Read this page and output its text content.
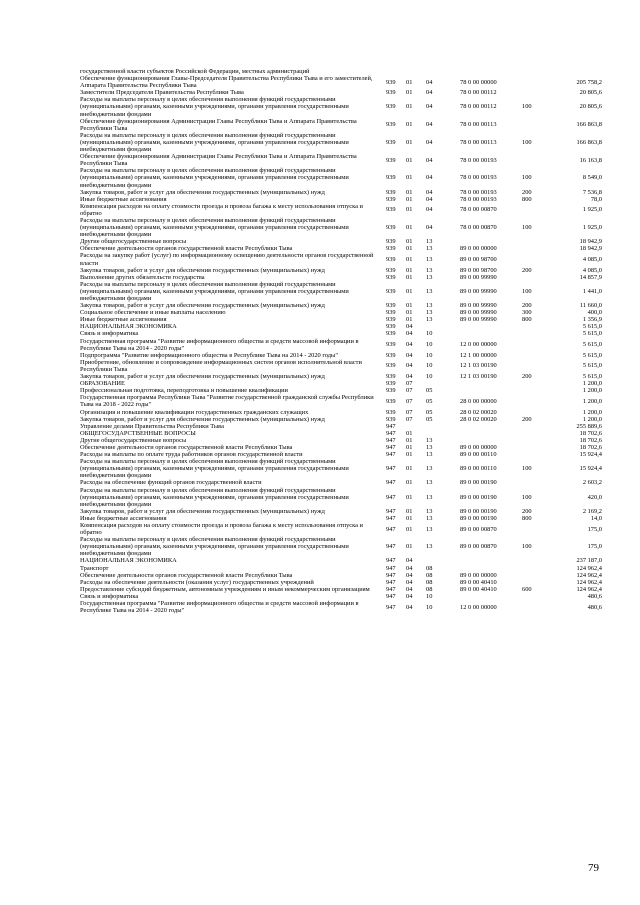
государственной власти субъектов Российской Федерации, местных администраций						
Обеспечение функционирования Главы-Председателя Правительства Республики Тыва и его заместителей, Аппарата Правительства Республики Тыва	939	01	04	78 0 00 00000		205 758,2
Заместители Председателя Правительства Республики Тыва	939	01	04	78 0 00 00112		20 805,6
Расходы на выплаты персоналу в целях обеспечения выполнения функций государственными (муниципальными) органами, казенными учреждениями, органами управления государственными внебюджетными фондами	939	01	04	78 0 00 00112	100	20 805,6
Обеспечение функционирования Администрации Главы Республики Тыва и Аппарата Правительства Республики Тыва	939	01	04	78 0 00 00113		166 863,8
Расходы на выплаты персоналу в целях обеспечения выполнения функций государственными (муниципальными) органами, казенными учреждениями, органами управления государственными внебюджетными фондами	939	01	04	78 0 00 00113	100	166 863,8
Обеспечение функционирования Администрации Главы Республики Тыва и Аппарата Правительства Республики Тыва	939	01	04	78 0 00 00193		16 163,8
Расходы на выплаты персоналу в целях обеспечения выполнения функций государственными (муниципальными) органами, казенными учреждениями, органами управления государственными внебюджетными фондами	939	01	04	78 0 00 00193	100	8 549,0
Закупка товаров, работ и услуг для обеспечения государственных (муниципальных) нужд	939	01	04	78 0 00 00193	200	7 536,8
Иные бюджетные ассигнования	939	01	04	78 0 00 00193	800	78,0
Компенсация расходов на оплату стоимости проезда и провоза багажа к месту использования отпуска и обратно	939	01	04	78 0 00 00870		1 925,0
Расходы на выплаты персоналу в целях обеспечения выполнения функций государственными (муниципальными) органами, казенными учреждениями, органами управления государственными внебюджетными фондами	939	01	04	78 0 00 00870	100	1 925,0
Другие общегосударственные вопросы	939	01	13			18 942,9
Обеспечение деятельности органов государственной власти Республики Тыва	939	01	13	89 0 00 00000		18 942,9
Расходы на закупку работ (услуг) по информационному освещению деятельности органов государственной власти	939	01	13	89 0 00 98700		4 085,0
Закупка товаров, работ и услуг для обеспечения государственных (муниципальных) нужд	939	01	13	89 0 00 98700	200	4 085,0
Выполнение других обязательств государства	939	01	13	89 0 00 99990		14 857,9
Расходы на выплаты персоналу в целях обеспечения выполнения функций государственными (муниципальными) органами, казенными учреждениями, органами управления государственными внебюджетными фондами	939	01	13	89 0 00 99990	100	1 441,0
Закупка товаров, работ и услуг для обеспечения государственных (муниципальных) нужд	939	01	13	89 0 00 99990	200	11 660,0
Социальное обеспечение и иные выплаты населению	939	01	13	89 0 00 99990	300	400,0
Иные бюджетные ассигнования	939	01	13	89 0 00 99990	800	1 356,9
НАЦИОНАЛЬНАЯ ЭКОНОМИКА	939	04				5 615,0
Связь и информатика	939	04	10			5 615,0
Государственная программа "Развитие информационного общества и средств массовой информации в Республике Тыва на 2014 - 2020 годы"	939	04	10	12 0 00 00000		5 615,0
Подпрограмма "Развитие информационного общества в Республике Тыва на 2014 - 2020 годы"	939	04	10	12 1 00 00000		5 615,0
Приобретение, обновление и сопровождение информационных систем органов исполнительной власти Республики Тыва	939	04	10	12 1 03 00190		5 615,0
Закупка товаров, работ и услуг для обеспечения государственных (муниципальных) нужд	939	04	10	12 1 03 00190	200	5 615,0
ОБРАЗОВАНИЕ	939	07				1 200,0
Профессиональная подготовка, переподготовка и повышение квалификации	939	07	05			1 200,0
Государственная программа Республики Тыва "Развитие государственной гражданской службы Республики Тыва на 2018 - 2022 годы"	939	07	05	28 0 00 00000		1 200,0
Организация и повышение квалификации государственных гражданских служащих	939	07	05	28 0 02 00020		1 200,0
Закупка товаров, работ и услуг для обеспечения государственных (муниципальных) нужд	939	07	05	28 0 02 00020	200	1 200,0
Управление делами Правительства Республики Тыва	947					255 889,6
ОБЩЕГОСУДАРСТВЕННЫЕ ВОПРОСЫ	947	01				18 702,6
Другие общегосударственные вопросы	947	01	13			18 702,6
Обеспечение деятельности органов государственной власти Республики Тыва	947	01	13	89 0 00 00000		18 702,6
Расходы на выплаты по оплате труда работников органов государственной власти	947	01	13	89 0 00 00110		15 924,4
Расходы на выплаты персоналу в целях обеспечения выполнения функций государственными (муниципальными) органами, казенными учреждениями, органами управления государственными внебюджетными фондами	947	01	13	89 0 00 00110	100	15 924,4
Расходы на обеспечение функций органов государственной власти	947	01	13	89 0 00 00190		2 603,2
Расходы на выплаты персоналу в целях обеспечения выполнения функций государственными (муниципальными) органами, казенными учреждениями, органами управления государственными внебюджетными фондами	947	01	13	89 0 00 00190	100	420,0
Закупка товаров, работ и услуг для обеспечения государственных (муниципальных) нужд	947	01	13	89 0 00 00190	200	2 169,2
Иные бюджетные ассигнования	947	01	13	89 0 00 00190	800	14,0
Компенсация расходов на оплату стоимости проезда и провоза багажа к месту использования отпуска и обратно	947	01	13	89 0 00 00870		175,0
Расходы на выплаты персоналу в целях обеспечения выполнения функций государственными (муниципальными) органами, казенными учреждениями, органами управления государственными внебюджетными фондами	947	01	13	89 0 00 00870	100	175,0
НАЦИОНАЛЬНАЯ ЭКОНОМИКА	947	04				237 187,0
Транспорт	947	04	08			124 962,4
Обеспечение деятельности органов государственной власти Республики Тыва	947	04	08	89 0 00 00000		124 962,4
Расходы на обеспечение деятельности (оказания услуг) государственных учреждений	947	04	08	89 0 00 40410		124 962,4
Предоставление субсидий бюджетным, автономным учреждениям и иным некоммерческим организациям	947	04	08	89 0 00 40410	600	124 962,4
Связь и информатика	947	04	10			480,6
Государственная программа "Развитие информационного общества и средств массовой информации в Республике Тыва на 2014 - 2020 годы"	947	04	10	12 0 00 00000		480,6
79
